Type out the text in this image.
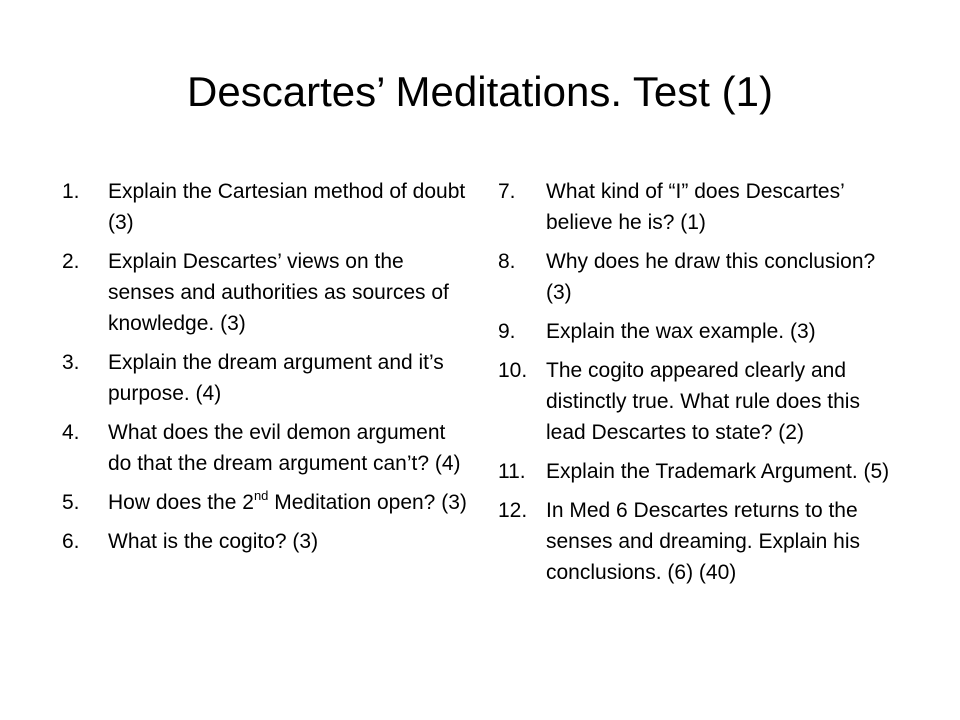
Descartes’ Meditations. Test (1)
1.	Explain the Cartesian method of doubt (3)
2.	Explain Descartes’ views on the senses and authorities as sources of knowledge. (3)
3.	Explain the dream argument and it’s purpose. (4)
4.	What does the evil demon argument do that the dream argument can’t? (4)
5.	How does the 2nd Meditation open? (3)
6.	What is the cogito? (3)
7.	What kind of “I” does Descartes’ believe he is? (1)
8.	Why does he draw this conclusion? (3)
9.	Explain the wax example. (3)
10. The cogito appeared clearly and distinctly true. What rule does this lead Descartes to state? (2)
11. Explain the Trademark Argument. (5)
12. In Med 6 Descartes returns to the senses and dreaming. Explain his conclusions. (6) (40)
